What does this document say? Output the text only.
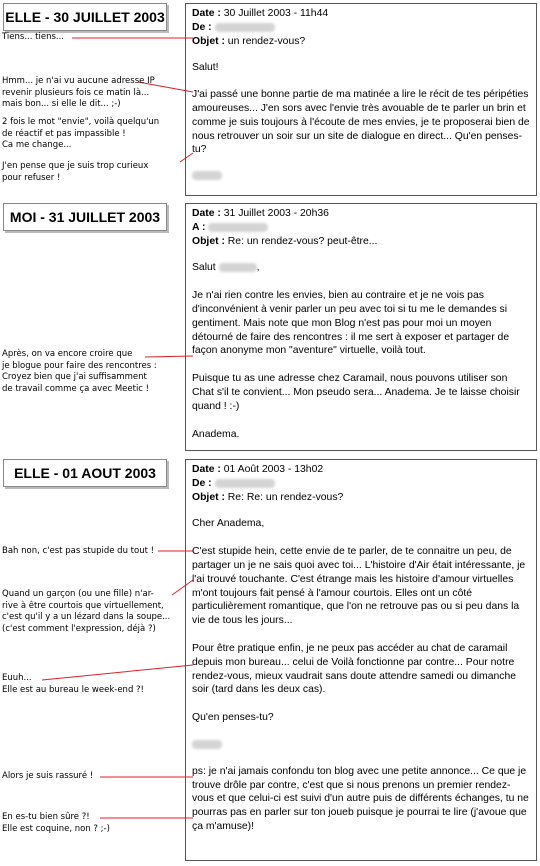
ELLE - 30 JUILLET 2003	Date : 30 Juillet 2003 - 11h44
De :
Objet : un rendez-vous?

Salut!

J'ai passé une bonne partie de ma matinée a lire le récit de tes péripéties amoureuses... J'en sors avec l'envie très avouable de te parler un brin et comme je suis toujours à l'écoute de mes envies, je te proposerai bien de nous retrouver un soir sur un site de dialogue en direct... Qu'en penses-tu?

MOI - 31 JUILLET 2003	Date : 31 Juillet 2003 - 20h36
A :
Objet : Re: un rendez-vous? peut-être...

Salut	,

Je n'ai rien contre les envies, bien au contraire et je ne vois pas d'inconvénient à venir parler un peu avec toi si tu me le demandes si gentiment. Mais note que mon Blog n'est pas pour moi un moyen détourné de faire des rencontres : il me sert à exposer et partager de façon anonyme mon "aventure" virtuelle, voilà tout.

Puisque tu as une adresse chez Caramail, nous pouvons utiliser son Chat s'il te convient... Mon pseudo sera... Anadema. Je te laisse choisir quand ! :-)

Anadema.

ELLE - 01 AOUT 2003	Date : 01 Août 2003 - 13h02
De :
Objet : Re: Re: un rendez-vous?

Cher Anadema,

C'est stupide hein, cette envie de te parler, de te connaitre un peu, de partager un je ne sais quoi avec toi... L'histoire d'Air était intéressante, je l'ai trouvé touchante. C'est étrange mais les histoire d'amour virtuelles m'ont toujours fait pensé à l'amour courtois. Elles ont un côté particulièrement romantique, que l'on ne retrouve pas ou si peu dans la vie de tous les jours...

Pour être pratique enfin, je ne peux pas accéder au chat de caramail depuis mon bureau... celui de Voilà fonctionne par contre... Pour notre rendez-vous, mieux vaudrait sans doute attendre samedi ou dimanche soir (tard dans les deux cas).

Qu'en penses-tu?

ps: je n'ai jamais confondu ton blog avec une petite annonce... Ce que je trouve drôle par contre, c'est que si nous prenons un premier rendez-vous et que celui-ci est suivi d'un autre puis de différents échanges, tu ne pourras pas en parler sur ton joueb puisque je pourrai te lire (j'avoue que ça m'amuse)!

Tiens... tiens...
Hmm... je n'ai vu aucune adresse IP
revenir plusieurs fois ce matin là...
mais bon... si elle le dit... ;-)
2 fois le mot "envie", voilà quelqu'un
de réactif et pas impassible !
Ca me change...
J'en pense que je suis trop curieux
pour refuser !
Après, on va encore croire que
je blogue pour faire des rencontres :
Croyez bien que j'ai suffisamment
de travail comme ça avec Meetic !
Bah non, c'est pas stupide du tout !
Quand un garçon (ou une fille) n'ar-
rive à être courtois que virtuellement,
c'est qu'il y a un lézard dans la soupe...
(c'est comment l'expression, déjà ?)
Euuh...
Elle est au bureau le week-end ?!
Alors je suis rassuré !
En es-tu bien sûre ?!
Elle est coquine, non ? ;-)
